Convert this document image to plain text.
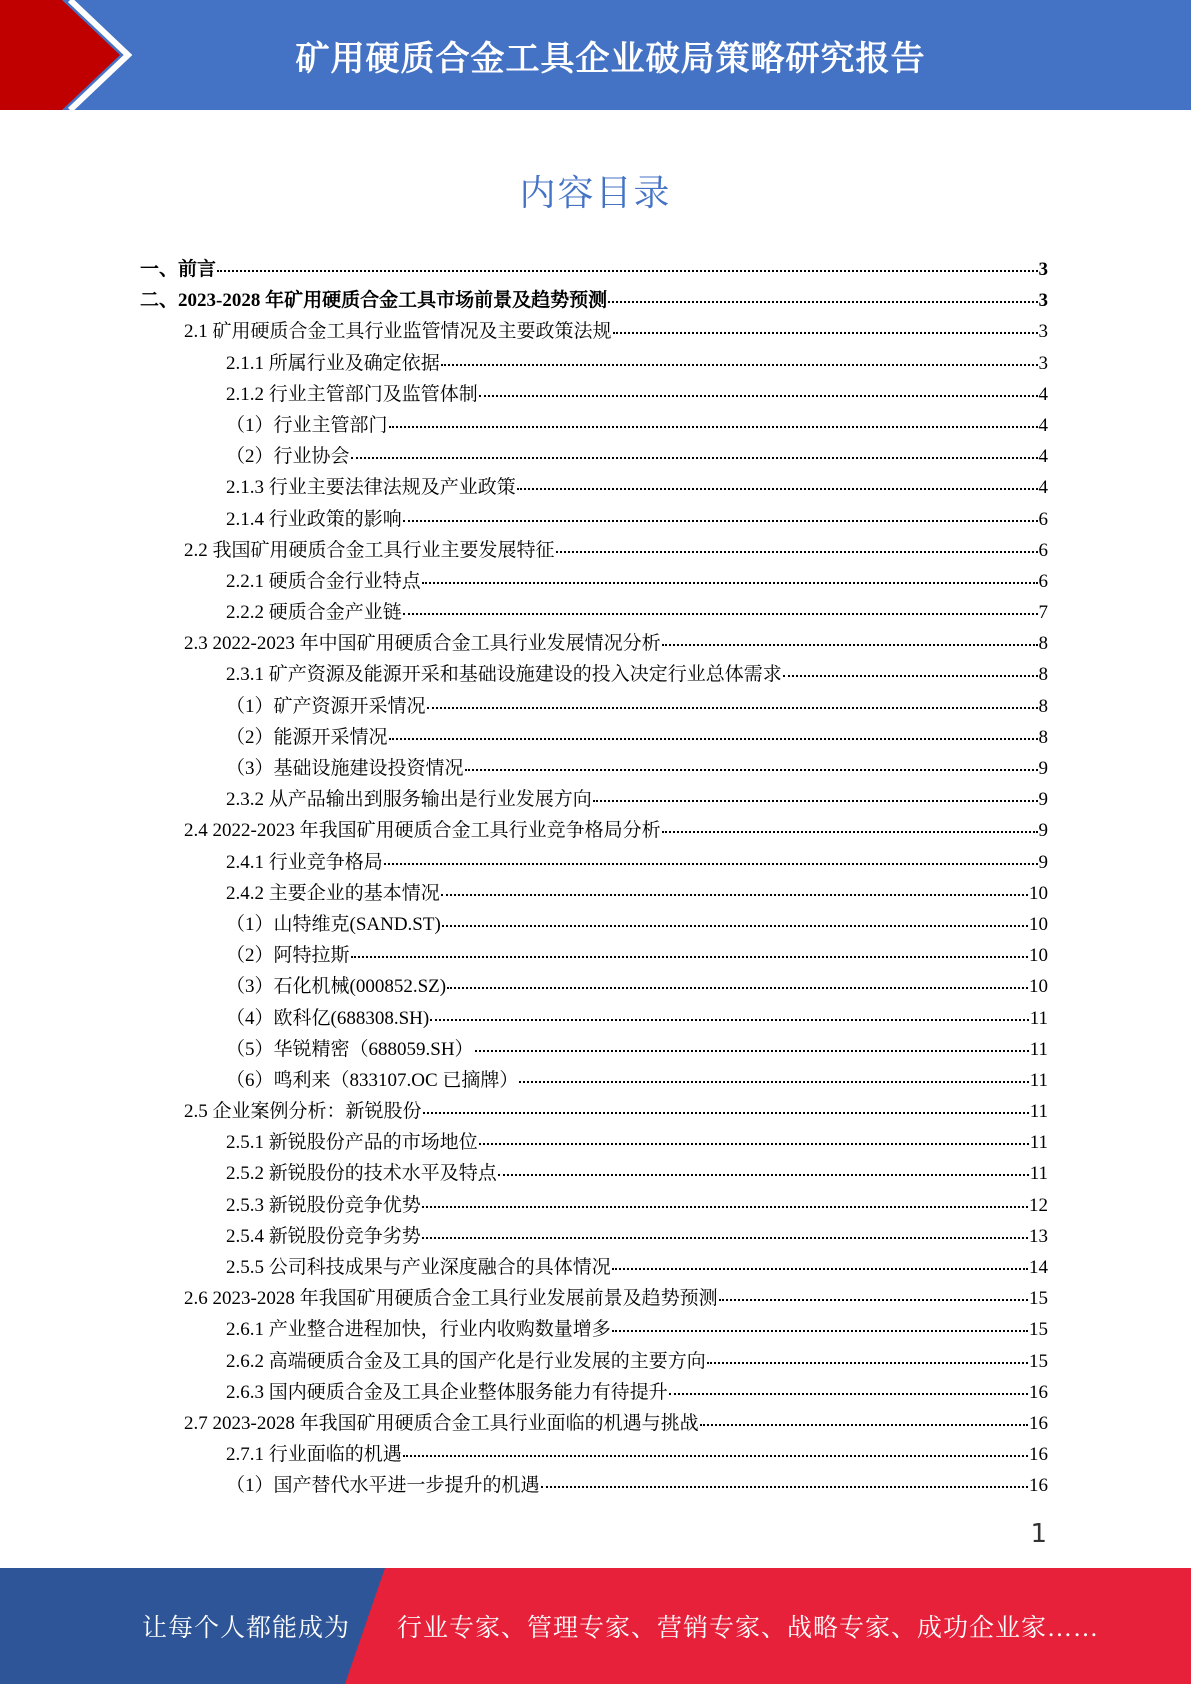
矿用硬质合金工具企业破局策略研究报告
内容目录
一、前言	3
二、2023-2028 年矿用硬质合金工具市场前景及趋势预测	3
2.1 矿用硬质合金工具行业监管情况及主要政策法规	3
2.1.1 所属行业及确定依据	3
2.1.2 行业主管部门及监管体制	4
（1）行业主管部门	4
（2）行业协会	4
2.1.3 行业主要法律法规及产业政策	4
2.1.4 行业政策的影响	6
2.2 我国矿用硬质合金工具行业主要发展特征	6
2.2.1 硬质合金行业特点	6
2.2.2 硬质合金产业链	7
2.3 2022-2023 年中国矿用硬质合金工具行业发展情况分析	8
2.3.1 矿产资源及能源开采和基础设施建设的投入决定行业总体需求	8
（1）矿产资源开采情况	8
（2）能源开采情况	8
（3）基础设施建设投资情况	9
2.3.2 从产品输出到服务输出是行业发展方向	9
2.4 2022-2023 年我国矿用硬质合金工具行业竞争格局分析	9
2.4.1 行业竞争格局	9
2.4.2 主要企业的基本情况	10
（1）山特维克(SAND.ST)	10
（2）阿特拉斯	10
（3）石化机械(000852.SZ)	10
（4）欧科亿(688308.SH)	11
（5）华锐精密（688059.SH）	11
（6）鸣利来（833107.OC 已摘牌）	11
2.5 企业案例分析：新锐股份	11
2.5.1 新锐股份产品的市场地位	11
2.5.2 新锐股份的技术水平及特点	11
2.5.3 新锐股份竞争优势	12
2.5.4 新锐股份竞争劣势	13
2.5.5 公司科技成果与产业深度融合的具体情况	14
2.6 2023-2028 年我国矿用硬质合金工具行业发展前景及趋势预测	15
2.6.1 产业整合进程加快，行业内收购数量增多	15
2.6.2 高端硬质合金及工具的国产化是行业发展的主要方向	15
2.6.3 国内硬质合金及工具企业整体服务能力有待提升	16
2.7 2023-2028 年我国矿用硬质合金工具行业面临的机遇与挑战	16
2.7.1 行业面临的机遇	16
（1）国产替代水平进一步提升的机遇	16
1
让每个人都能成为 行业专家、管理专家、营销专家、战略专家、成功企业家……
